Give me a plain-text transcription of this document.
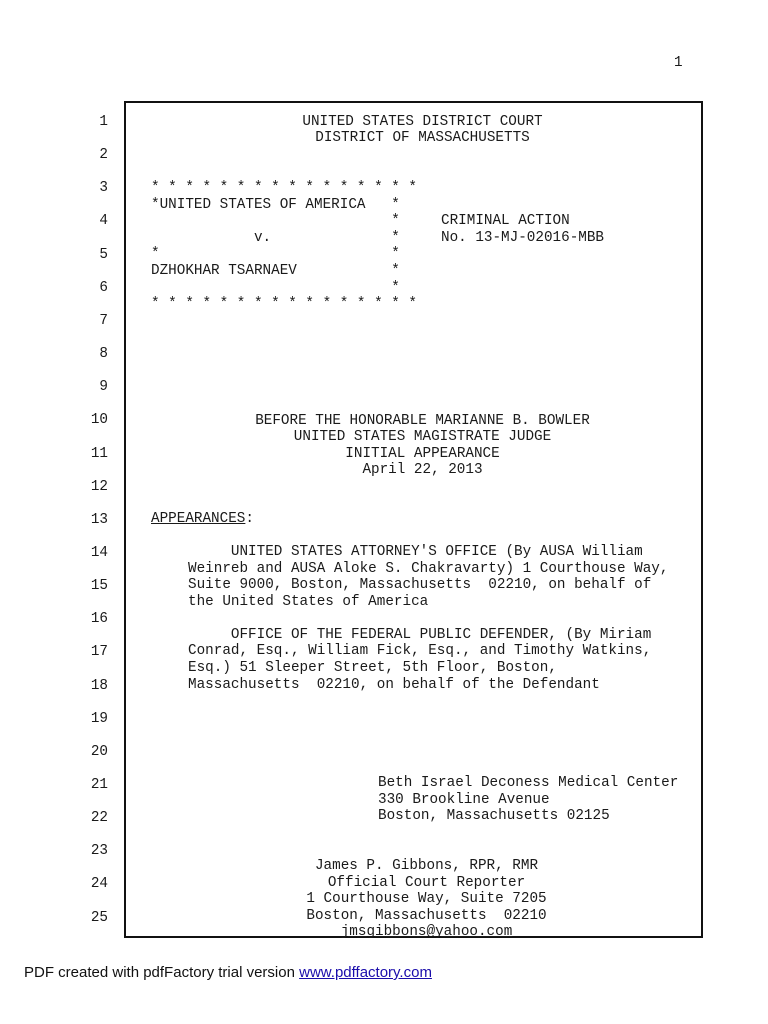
1
1
2
3
4
5
6
7
8
9
10
11
12
13
14
15
16
17
18
19
20
21
22
23
24
25
UNITED STATES DISTRICT COURT
DISTRICT OF MASSACHUSETTS
* * * * * * * * * * * * * * * *
*UNITED STATES OF AMERICA   *
*
v.              *
*                           *
DZHOKHAR TSARNAEV           *
*
* * * * * * * * * * * * * * * *
CRIMINAL ACTION
No. 13-MJ-02016-MBB
BEFORE THE HONORABLE MARIANNE B. BOWLER
UNITED STATES MAGISTRATE JUDGE
INITIAL APPEARANCE
April 22, 2013
APPEARANCES:
UNITED STATES ATTORNEY'S OFFICE (By AUSA William
Weinreb and AUSA Aloke S. Chakravarty) 1 Courthouse Way,
Suite 9000, Boston, Massachusetts  02210, on behalf of
the United States of America
OFFICE OF THE FEDERAL PUBLIC DEFENDER, (By Miriam
Conrad, Esq., William Fick, Esq., and Timothy Watkins,
Esq.) 51 Sleeper Street, 5th Floor, Boston,
Massachusetts  02210, on behalf of the Defendant
Beth Israel Deconess Medical Center
330 Brookline Avenue
Boston, Massachusetts 02125
James P. Gibbons, RPR, RMR
Official Court Reporter
1 Courthouse Way, Suite 7205
Boston, Massachusetts  02210
jmsgibbons@yahoo.com
PDF created with pdfFactory trial version www.pdffactory.com
